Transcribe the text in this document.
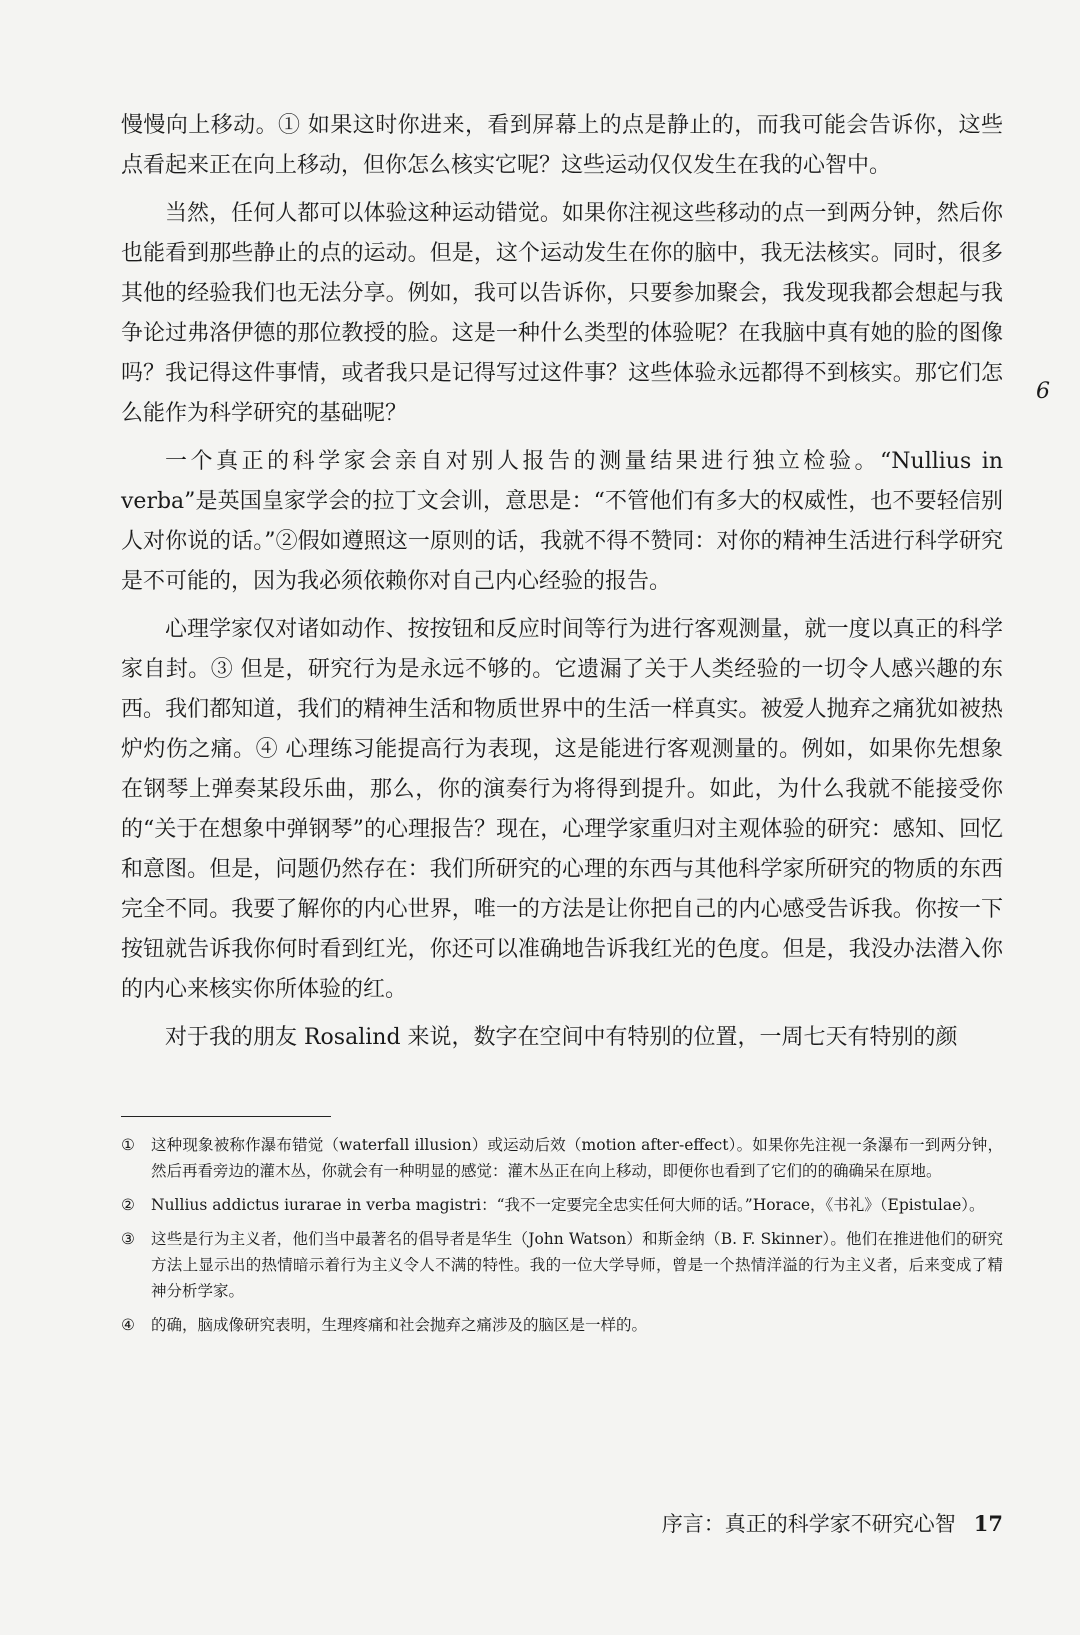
慢慢向上移动。① 如果这时你进来，看到屏幕上的点是静止的，而我可能会告诉你，这些点看起来正在向上移动，但你怎么核实它呢？这些运动仅仅发生在我的心智中。

当然，任何人都可以体验这种运动错觉。如果你注视这些移动的点一到两分钟，然后你也能看到那些静止的点的运动。但是，这个运动发生在你的脑中，我无法核实。同时，很多其他的经验我们也无法分享。例如，我可以告诉你，只要参加聚会，我发现我都会想起与我争论过弗洛伊德的那位教授的脸。这是一种什么类型的体验呢？在我脑中真有她的脸的图像吗？我记得这件事情，或者我只是记得写过这件事？这些体验永远都得不到核实。那它们怎么能作为科学研究的基础呢？

一个真正的科学家会亲自对别人报告的测量结果进行独立检验。“Nullius in verba”是英国皇家学会的拉丁文会训，意思是：“不管他们有多大的权威性，也不要轻信别人对你说的话。”②假如遵照这一原则的话，我就不得不赞同：对你的精神生活进行科学研究是不可能的，因为我必须依赖你对自己内心经验的报告。

心理学家仅对诸如动作、按按钮和反应时间等行为进行客观测量，就一度以真正的科学家自封。③ 但是，研究行为是永远不够的。它遗漏了关于人类经验的一切令人感兴趣的东西。我们都知道，我们的精神生活和物质世界中的生活一样真实。被爱人抛弃之痛犹如被热炉灼伤之痛。④ 心理练习能提高行为表现，这是能进行客观测量的。例如，如果你先想象在钢琴上弹奏某段乐曲，那么，你的演奏行为将得到提升。如此，为什么我就不能接受你的“关于在想象中弹钢琴”的心理报告？现在，心理学家重归对主观体验的研究：感知、回忆和意图。但是，问题仍然存在：我们所研究的心理的东西与其他科学家所研究的物质的东西完全不同。我要了解你的内心世界，唯一的方法是让你把自己的内心感受告诉我。你按一下按钮就告诉我你何时看到红光，你还可以准确地告诉我红光的色度。但是，我没办法潜入你的内心来核实你所体验的红。

对于我的朋友 Rosalind 来说，数字在空间中有特别的位置，一周七天有特别的颜

6
①	这种现象被称作瀑布错觉（waterfall illusion）或运动后效（motion after-effect）。如果你先注视一条瀑布一到两分钟，然后再看旁边的灌木丛，你就会有一种明显的感觉：灌木丛正在向上移动，即便你也看到了它们的的确确呆在原地。
②	Nullius addictus iurarae in verba magistri：“我不一定要完全忠实任何大师的话。”Horace，《书礼》（Epistulae）。
③	这些是行为主义者，他们当中最著名的倡导者是华生（John Watson）和斯金纳（B. F. Skinner）。他们在推进他们的研究方法上显示出的热情暗示着行为主义令人不满的特性。我的一位大学导师，曾是一个热情洋溢的行为主义者，后来变成了精神分析学家。
④	的确，脑成像研究表明，生理疼痛和社会抛弃之痛涉及的脑区是一样的。
序言：真正的科学家不研究心智 17
